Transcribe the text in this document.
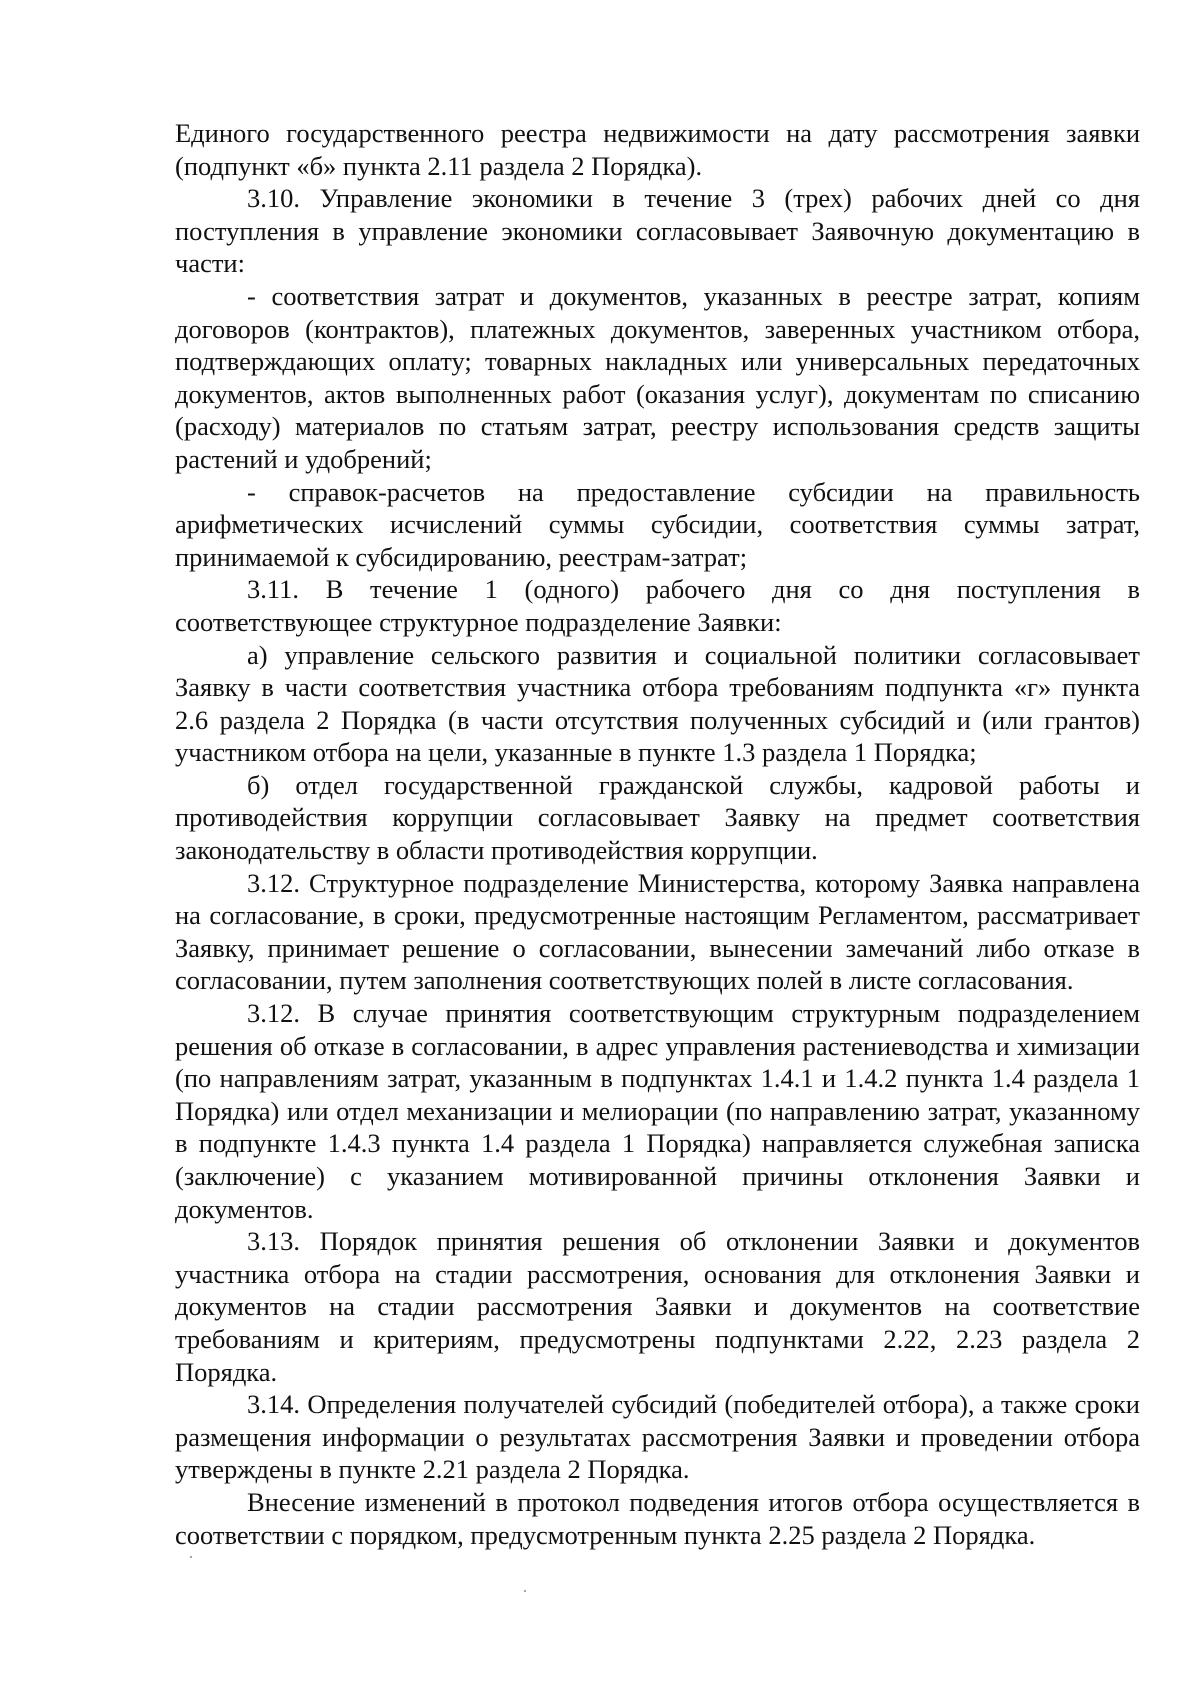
Единого государственного реестра недвижимости на дату рассмотрения заявки (подпункт «б» пункта 2.11 раздела 2 Порядка).

3.10. Управление экономики в течение 3 (трех) рабочих дней со дня поступления в управление экономики согласовывает Заявочную документацию в части:

- соответствия затрат и документов, указанных в реестре затрат, копиям договоров (контрактов), платежных документов, заверенных участником отбора, подтверждающих оплату; товарных накладных или универсальных передаточных документов, актов выполненных работ (оказания услуг), документам по списанию (расходу) материалов по статьям затрат, реестру использования средств защиты растений и удобрений;

- справок-расчетов на предоставление субсидии на правильность арифметических исчислений суммы субсидии, соответствия суммы затрат, принимаемой к субсидированию, реестрам-затрат;

3.11. В течение 1 (одного) рабочего дня со дня поступления в соответствующее структурное подразделение Заявки:

а) управление сельского развития и социальной политики согласовывает Заявку в части соответствия участника отбора требованиям подпункта «г» пункта 2.6 раздела 2 Порядка (в части отсутствия полученных субсидий и (или грантов) участником отбора на цели, указанные в пункте 1.3 раздела 1 Порядка;

б) отдел государственной гражданской службы, кадровой работы и противодействия коррупции согласовывает Заявку на предмет соответствия законодательству в области противодействия коррупции.

3.12. Структурное подразделение Министерства, которому Заявка направлена на согласование, в сроки, предусмотренные настоящим Регламентом, рассматривает Заявку, принимает решение о согласовании, вынесении замечаний либо отказе в согласовании, путем заполнения соответствующих полей в листе согласования.

3.12. В случае принятия соответствующим структурным подразделением решения об отказе в согласовании, в адрес управления растениеводства и химизации (по направлениям затрат, указанным в подпунктах 1.4.1 и 1.4.2 пункта 1.4 раздела 1 Порядка) или отдел механизации и мелиорации (по направлению затрат, указанному в подпункте 1.4.3 пункта 1.4 раздела 1 Порядка) направляется служебная записка (заключение) с указанием мотивированной причины отклонения Заявки и документов.

3.13. Порядок принятия решения об отклонении Заявки и документов участника отбора на стадии рассмотрения, основания для отклонения Заявки и документов на стадии рассмотрения Заявки и документов на соответствие требованиям и критериям, предусмотрены подпунктами 2.22, 2.23 раздела 2 Порядка.

3.14. Определения получателей субсидий (победителей отбора), а также сроки размещения информации о результатах рассмотрения Заявки и проведении отбора утверждены в пункте 2.21 раздела 2 Порядка.

Внесение изменений в протокол подведения итогов отбора осуществляется в соответствии с порядком, предусмотренным пункта 2.25 раздела 2 Порядка.
